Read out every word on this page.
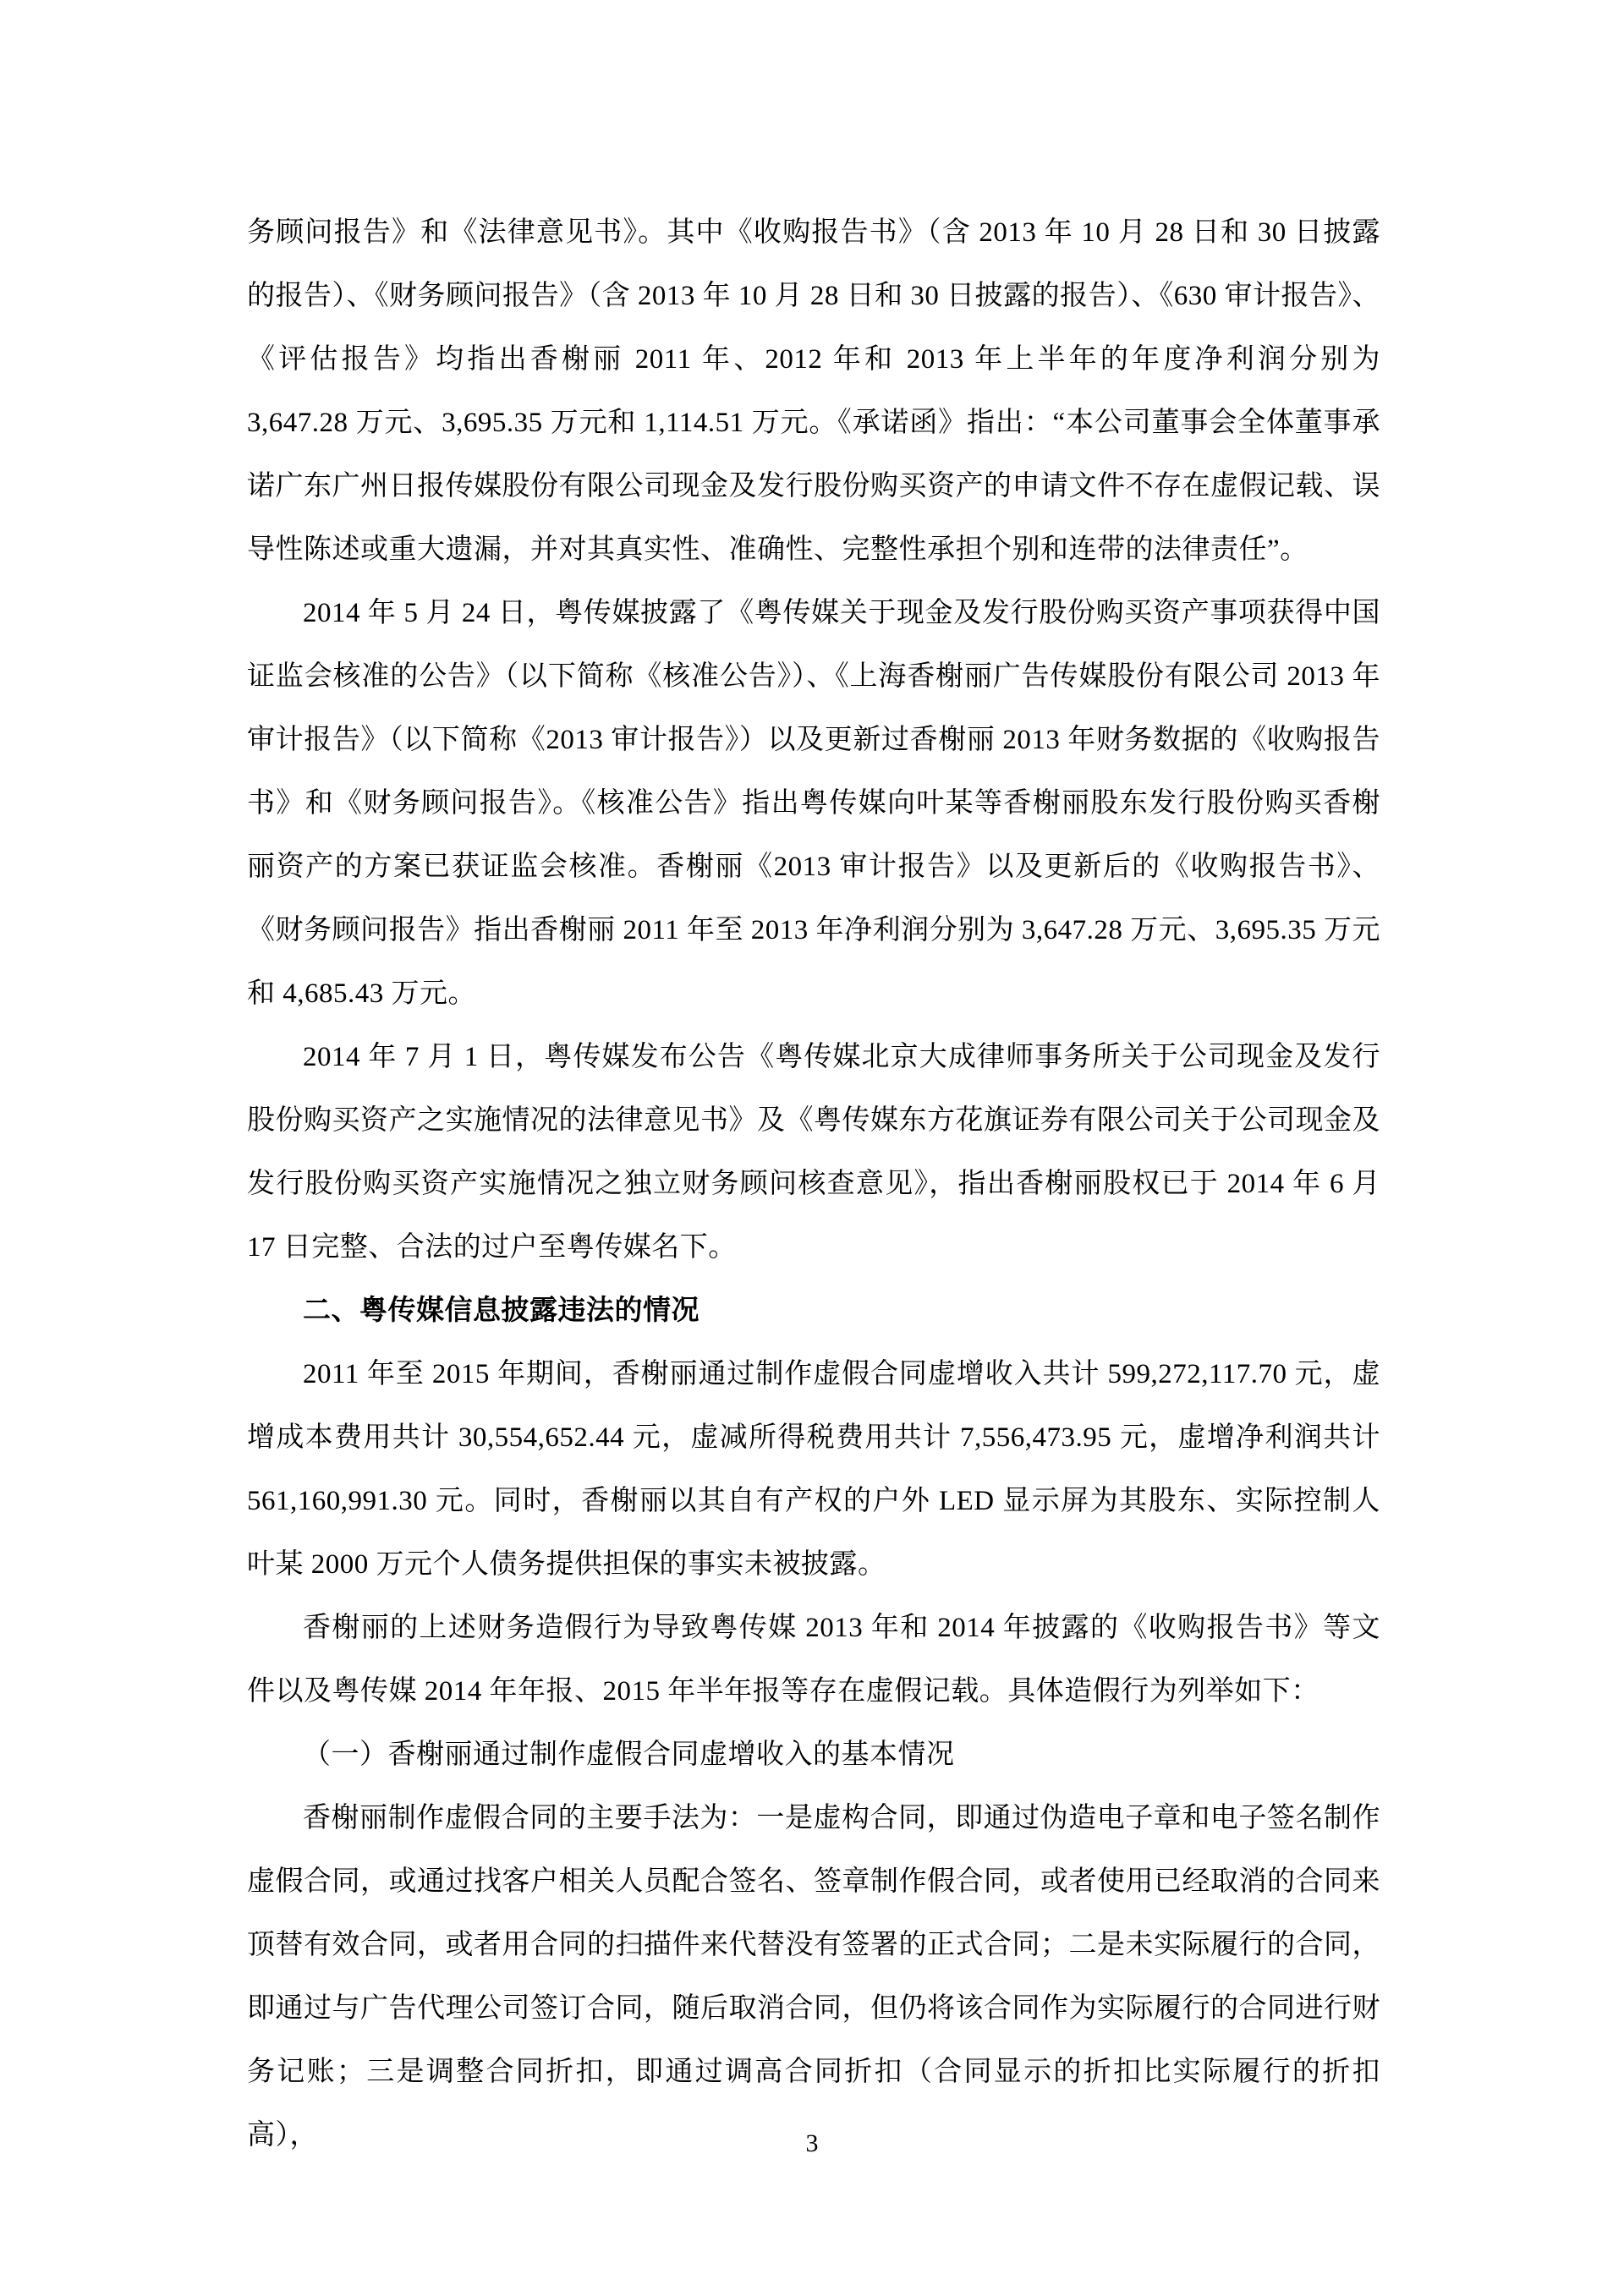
务顾问报告》和《法律意见书》。其中《收购报告书》（含 2013 年 10 月 28 日和 30 日披露的报告）、《财务顾问报告》（含 2013 年 10 月 28 日和 30 日披露的报告）、《630 审计报告》、《评估报告》均指出香榭丽 2011 年、2012 年和 2013 年上半年的年度净利润分别为 3,647.28 万元、3,695.35 万元和 1,114.51 万元。《承诺函》指出：“本公司董事会全体董事承诺广东广州日报传媒股份有限公司现金及发行股份购买资产的申请文件不存在虚假记载、误导性陈述或重大遗漏，并对其真实性、准确性、完整性承担个别和连带的法律责任”。

2014 年 5 月 24 日，粤传媒披露了《粤传媒关于现金及发行股份购买资产事项获得中国证监会核准的公告》（以下简称《核准公告》）、《上海香榭丽广告传媒股份有限公司 2013 年审计报告》（以下简称《2013 审计报告》）以及更新过香榭丽 2013 年财务数据的《收购报告书》和《财务顾问报告》。《核准公告》指出粤传媒向叶某等香榭丽股东发行股份购买香榭丽资产的方案已获证监会核准。香榭丽《2013 审计报告》以及更新后的《收购报告书》、《财务顾问报告》指出香榭丽 2011 年至 2013 年净利润分别为 3,647.28 万元、3,695.35 万元和 4,685.43 万元。

2014 年 7 月 1 日，粤传媒发布公告《粤传媒北京大成律师事务所关于公司现金及发行股份购买资产之实施情况的法律意见书》及《粤传媒东方花旗证券有限公司关于公司现金及发行股份购买资产实施情况之独立财务顾问核查意见》，指出香榭丽股权已于 2014 年 6 月 17 日完整、合法的过户至粤传媒名下。

二、粤传媒信息披露违法的情况

2011 年至 2015 年期间，香榭丽通过制作虚假合同虚增收入共计 599,272,117.70 元，虚增成本费用共计 30,554,652.44 元，虚减所得税费用共计 7,556,473.95 元，虚增净利润共计 561,160,991.30 元。同时，香榭丽以其自有产权的户外 LED 显示屏为其股东、实际控制人叶某 2000 万元个人债务提供担保的事实未被披露。

香榭丽的上述财务造假行为导致粤传媒 2013 年和 2014 年披露的《收购报告书》等文件以及粤传媒 2014 年年报、2015 年半年报等存在虚假记载。具体造假行为列举如下：

（一）香榭丽通过制作虚假合同虚增收入的基本情况

香榭丽制作虚假合同的主要手法为：一是虚构合同，即通过伪造电子章和电子签名制作虚假合同，或通过找客户相关人员配合签名、签章制作假合同，或者使用已经取消的合同来顶替有效合同，或者用合同的扫描件来代替没有签署的正式合同；二是未实际履行的合同，即通过与广告代理公司签订合同，随后取消合同，但仍将该合同作为实际履行的合同进行财务记账；三是调整合同折扣，即通过调高合同折扣（合同显示的折扣比实际履行的折扣高），	3
